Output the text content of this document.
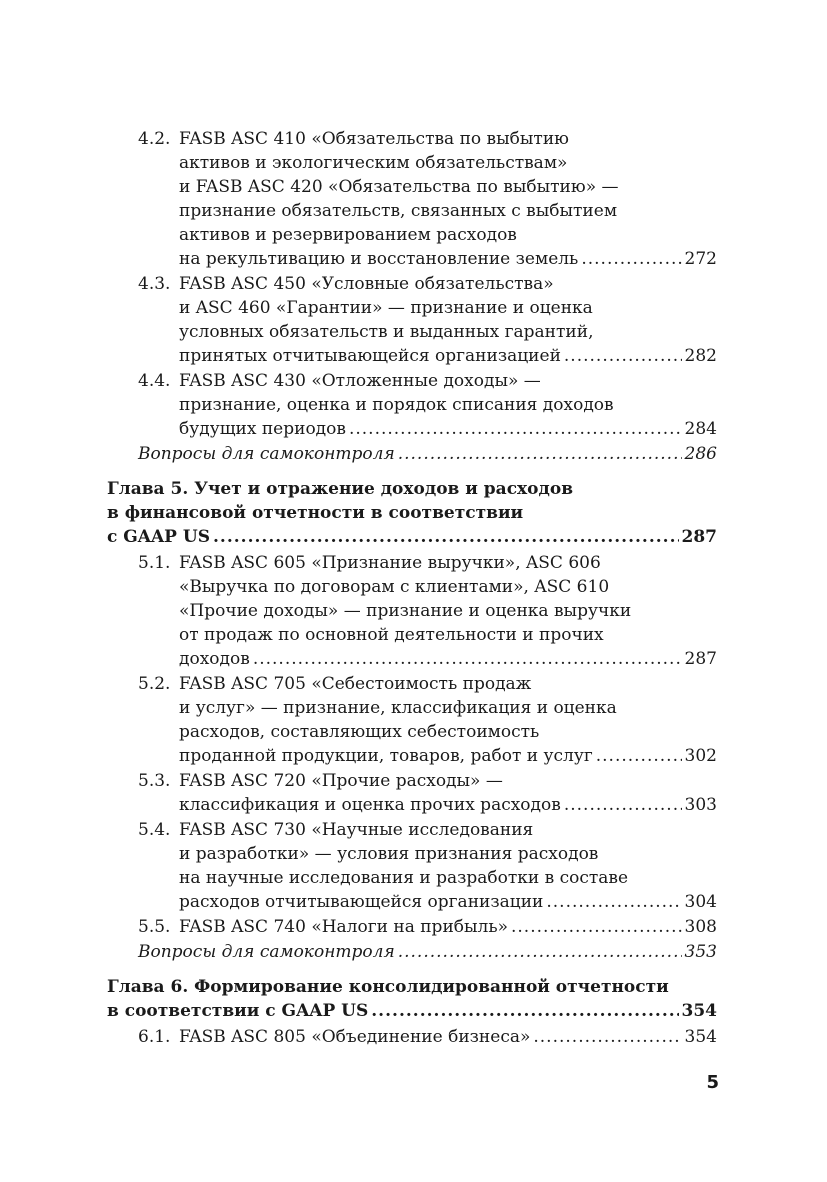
4.2. FASB ASC 410 «Обязательства по выбытию
активов и экологическим обязательствам»
и FASB ASC 420 «Обязательства по выбытию» —
признание обязательств, связанных с выбытием
активов и резервированием расходов
на рекультивацию и восстановление земель .....	272
4.3. FASB ASC 450 «Условные обязательства»
и ASC 460 «Гарантии» — признание и оценка
условных обязательств и выданных гарантий,
принятых отчитывающейся организацией .....	282
4.4. FASB ASC 430 «Отложенные доходы» —
признание, оценка и порядок списания доходов
будущих периодов .....	284
Вопросы для самоконтроля .....	286
Глава 5. Учет и отражение доходов и расходов
в финансовой отчетности в соответствии
с GAAP US .....	287
5.1. FASB ASC 605 «Признание выручки», ASC 606
«Выручка по договорам с клиентами», ASC 610
«Прочие доходы» — признание и оценка выручки
от продаж по основной деятельности и прочих
доходов .....	287
5.2. FASB ASC 705 «Себестоимость продаж
и услуг» — признание, классификация и оценка
расходов, составляющих себестоимость
проданной продукции, товаров, работ и услуг .....	302
5.3. FASB ASC 720 «Прочие расходы» —
классификация и оценка прочих расходов .....	303
5.4. FASB ASC 730 «Научные исследования
и разработки» — условия признания расходов
на научные исследования и разработки в составе
расходов отчитывающейся организации .....	304
5.5. FASB ASC 740 «Налоги на прибыль» .....	308
Вопросы для самоконтроля .....	353
Глава 6. Формирование консолидированной отчетности
в соответствии с GAAP US .....	354
6.1. FASB ASC 805 «Объединение бизнеса» .....	354
5
